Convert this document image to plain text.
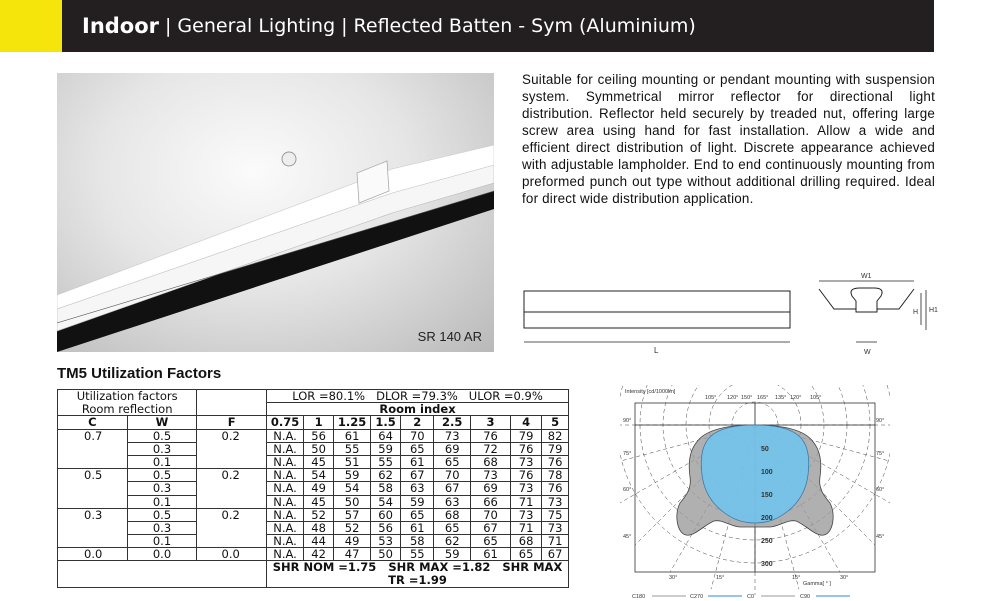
Indoor | General Lighting | Reflected Batten - Sym (Aluminium)
SR 140 AR
Suitable for ceiling mounting or pendant mounting with suspension system. Symmetrical mirror reflector for directional light distribution. Reflector held securely by treaded nut, offering large screw area using hand for fast installation. Allow a wide and efficient direct distribution of light. Discrete appearance achieved with adjustable lampholder. End to end continuously mounting from preformed punch out type without additional drilling required. Ideal for direct wide distribution application.
L
W1
H H1
W
TM5 Utilization Factors
Utilization factors			LOR =80.1% DLOR =79.3% ULOR =0.9%								
Room reflection			Room index								
C	W	F	0.75	1	1.25	1.5	2	2.5	3	4	5
0.7	0.5	0.2	N.A.	56	61	64	70	73	76	79	82
	0.3		N.A.	50	55	59	65	69	72	76	79
	0.1		N.A.	45	51	55	61	65	68	73	76
0.5	0.5	0.2	N.A.	54	59	62	67	70	73	76	78
	0.3		N.A.	49	54	58	63	67	69	73	76
	0.1		N.A.	45	50	54	59	63	66	71	73
0.3	0.5	0.2	N.A.	52	57	60	65	68	70	73	75
	0.3		N.A.	48	52	56	61	65	67	71	73
	0.1		N.A.	44	49	53	58	62	65	68	71
0.0	0.0	0.0	N.A.	42	47	50	55	59	61	65	67
			SHR NOM =1.75 SHR MAX =1.82 SHR MAX
TR =1.99								
Intensity [cd/1000lm]
105° 120° 150° 165° 135° 120° 105°
90°
75°
60°
45°
90°
75°
60°
45°
30°	15°	15°	30°
50
100
150
200
250
300
Gamma[ ° ]
C180	C270	C0	C90
